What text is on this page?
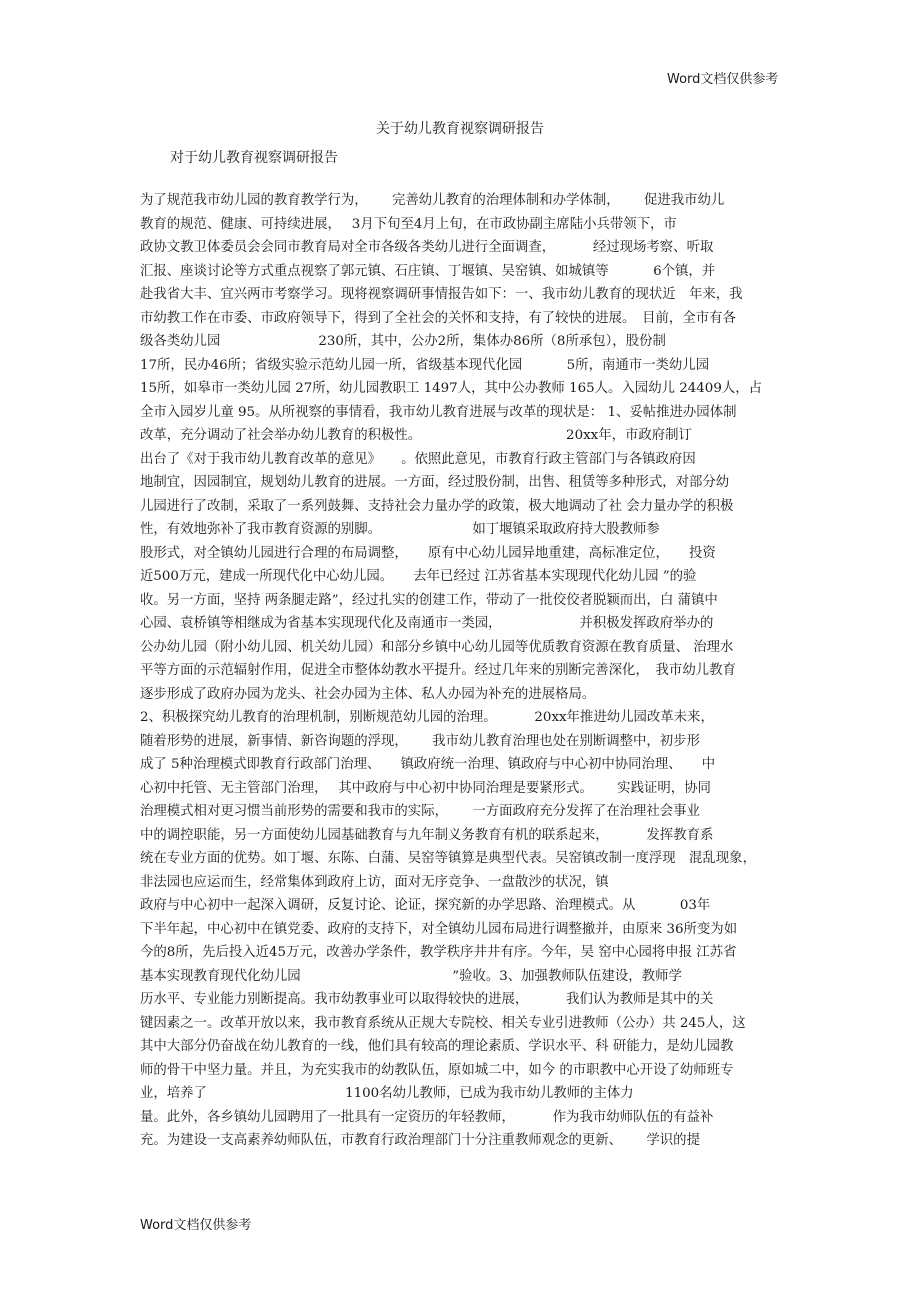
Word文档仅供参考
关于幼儿教育视察调研报告
对于幼儿教育视察调研报告
为了规范我市幼儿园的教育教学行为，　　 完善幼儿教育的治理体制和办学体制，　　 促进我市幼儿
教育的规范、健康、可持续进展，　 3月下旬至4月上旬，在市政协副主席陆小兵带领下，市
政协文教卫体委员会会同市教育局对全市各级各类幼儿进行全面调查，　　　 经过现场考察、听取
汇报、座谈讨论等方式重点视察了郭元镇、石庄镇、丁堰镇、吴窑镇、如城镇等　　　 6个镇，并
赴我省大丰、宜兴两市考察学习。现将视察调研事情报告如下：一、我市幼儿教育的现状近　年来，我
市幼教工作在市委、市政府领导下，得到了全社会的关怀和支持，有了较快的进展。　目前，全市有各
级各类幼儿园　　　　　　　 230所，其中，公办2所，集体办86所（8所承包），股份制
17所，民办46所；省级实验示范幼儿园一所，省级基本现代化园　　　 5所，南通市一类幼儿园
15所，如皋市一类幼儿园 27所，幼儿园教职工 1497人，其中公办教师 165人。入园幼儿 24409人，占
全市入园岁儿童 95。从所视察的事情看，我市幼儿教育进展与改革的现状是： 1、妥帖推进办园体制
改革，充分调动了社会举办幼儿教育的积极性。　　　　　　　　　　　 20xx年，市政府制订
出台了《对于我市幼儿教育改革的意见》　　。依照此意见，市教育行政主管部门与各镇政府因
地制宜，因园制宜，规划幼儿教育的进展。一方面，经过股份制，出售、租赁等多种形式，对部分幼
儿园进行了改制，采取了一系列鼓舞、支持社会力量办学的政策，极大地调动了社 会力量办学的积极
性，有效地弥补了我市教育资源的别脚。　　　　　　　 如丁堰镇采取政府持大股教师参
股形式，对全镇幼儿园进行合理的布局调整，　　原有中心幼儿园异地重建，高标准定位，　　投资
近500万元，建成一所现代化中心幼儿园。　　去年已经过 江苏省基本实现现代化幼儿园 ”的验
收。另一方面，坚持 两条腿走路”，经过扎实的创建工作，带动了一批佼佼者脱颖而出，白 蒲镇中
心园、袁桥镇等相继成为省基本实现现代化及南通市一类园，　　　　　　 并积极发挥政府举办的
公办幼儿园（附小幼儿园、机关幼儿园）和部分乡镇中心幼儿园等优质教育资源在教育质量、 治理水
平等方面的示范辐射作用，促进全市整体幼教水平提升。经过几年来的别断完善深化，　我市幼儿教育
逐步形成了政府办园为龙头、社会办园为主体、私人办园为补充的进展格局。
2、积极探究幼儿教育的治理机制，别断规范幼儿园的治理。　　　 20xx年推进幼儿园改革未来，
随着形势的进展，新事情、新咨询题的浮现，　　 我市幼儿教育治理也处在别断调整中，初步形
成了 5种治理模式即教育行政部门治理、　　镇政府统一治理、镇政府与中心初中协同治理、　　中
心初中托管、无主管部门治理，　 其中政府与中心初中协同治理是要紧形式。　　 实践证明，协同
治理模式相对更习惯当前形势的需要和我市的实际，　　 一方面政府充分发挥了在治理社会事业
中的调控职能，另一方面使幼儿园基础教育与九年制义务教育有机的联系起来，　　　 发挥教育系
统在专业方面的优势。如丁堰、东陈、白蒲、吴窑等镇算是典型代表。吴窑镇改制一度浮现　混乱现象，
非法园也应运而生，经常集体到政府上访，面对无序竞争、一盘散沙的状况，镇
政府与中心初中一起深入调研，反复讨论、论证，探究新的办学思路、治理模式。从　　　 03年
下半年起，中心初中在镇党委、政府的支持下，对全镇幼儿园布局进行调整撤并，由原来 36所变为如
今的8所，先后投入近45万元，改善办学条件，教学秩序井井有序。今年，吴 窑中心园将申报 江苏省
基本实现教育现代化幼儿园　　　　　　　　　　　 ”验收。3、加强教师队伍建设，教师学
历水平、专业能力别断提高。我市幼教事业可以取得较快的进展，　　　 我们认为教师是其中的关
键因素之一。改革开放以来，我市教育系统从正规大专院校、相关专业引进教师（公办）共 245人，这
其中大部分仍奋战在幼儿教育的一线，他们具有较高的理论素质、学识水平、科 研能力，是幼儿园教
师的骨干中坚力量。并且，为充实我市的幼教队伍，原如城二中，如今 的市职教中心开设了幼师班专
业，培养了　　　　　　　　　　 1100名幼儿教师，已成为我市幼儿教师的主体力
量。此外，各乡镇幼儿园聘用了一批具有一定资历的年轻教师，　　　 作为我市幼师队伍的有益补
充。为建设一支高素养幼师队伍，市教育行政治理部门十分注重教师观念的更新、　　 学识的提
Word文档仅供参考
